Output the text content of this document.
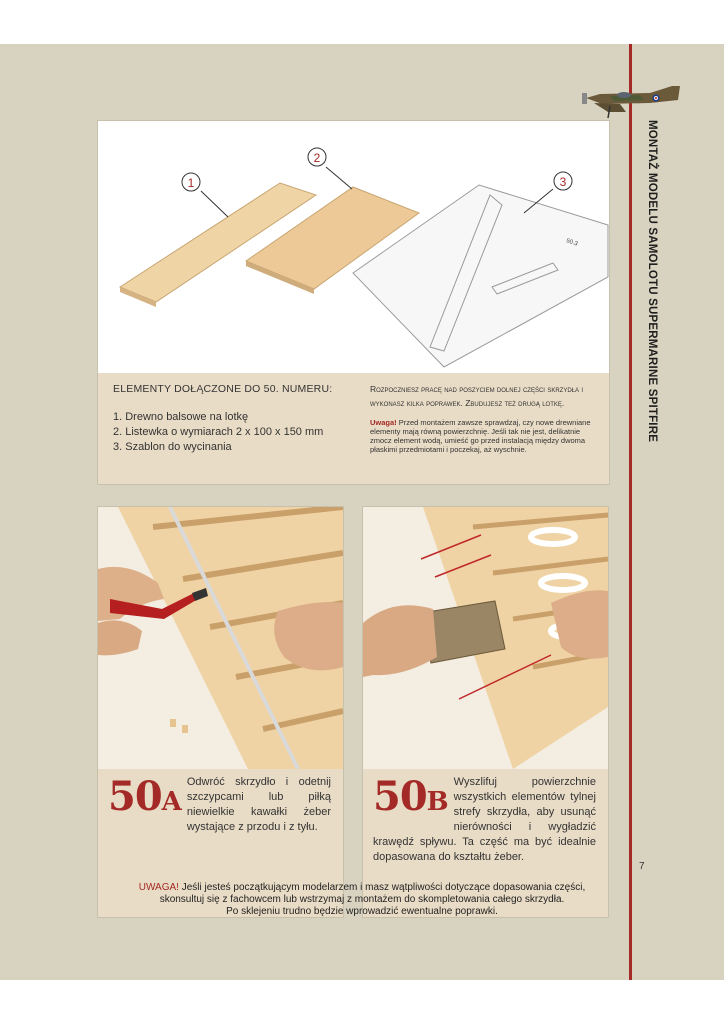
MONTAŻ MODELU SAMOLOTU SUPERMARINE SPITFIRE
50.3
1
2
3
ELEMENTY DOŁĄCZONE DO 50. NUMERU:
1. Drewno balsowe na lotkę
2. Listewka o wymiarach 2 x 100 x 150 mm
3. Szablon do wycinania

Rozpoczniesz pracę nad poszyciem dolnej części skrzydła i wykonasz kilka poprawek. Zbudujesz też drugą lotkę.

Uwaga! Przed montażem zawsze sprawdzaj, czy nowe drewniane elementy mają równą powierzchnię. Jeśli tak nie jest, delikatnie zmocz element wodą, umieść go przed instalacją między dwoma płaskimi przedmiotami i poczekaj, aż wyschnie.
50A
Odwróć skrzydło i odetnij szczypcami lub piłką niewielkie kawałki żeber wystające z przodu i z tyłu.
50B
Wyszlifuj powierzchnie wszystkich elementów tylnej strefy skrzydła, aby usunąć nierówności i wygładzić krawędź spływu. Ta część ma być idealnie dopasowana do kształtu żeber.
7
UWAGA! Jeśli jesteś początkującym modelarzem i masz wątpliwości dotyczące dopasowania części,
skonsultuj się z fachowcem lub wstrzymaj z montażem do skompletowania całego skrzydła.
Po sklejeniu trudno będzie wprowadzić ewentualne poprawki.
